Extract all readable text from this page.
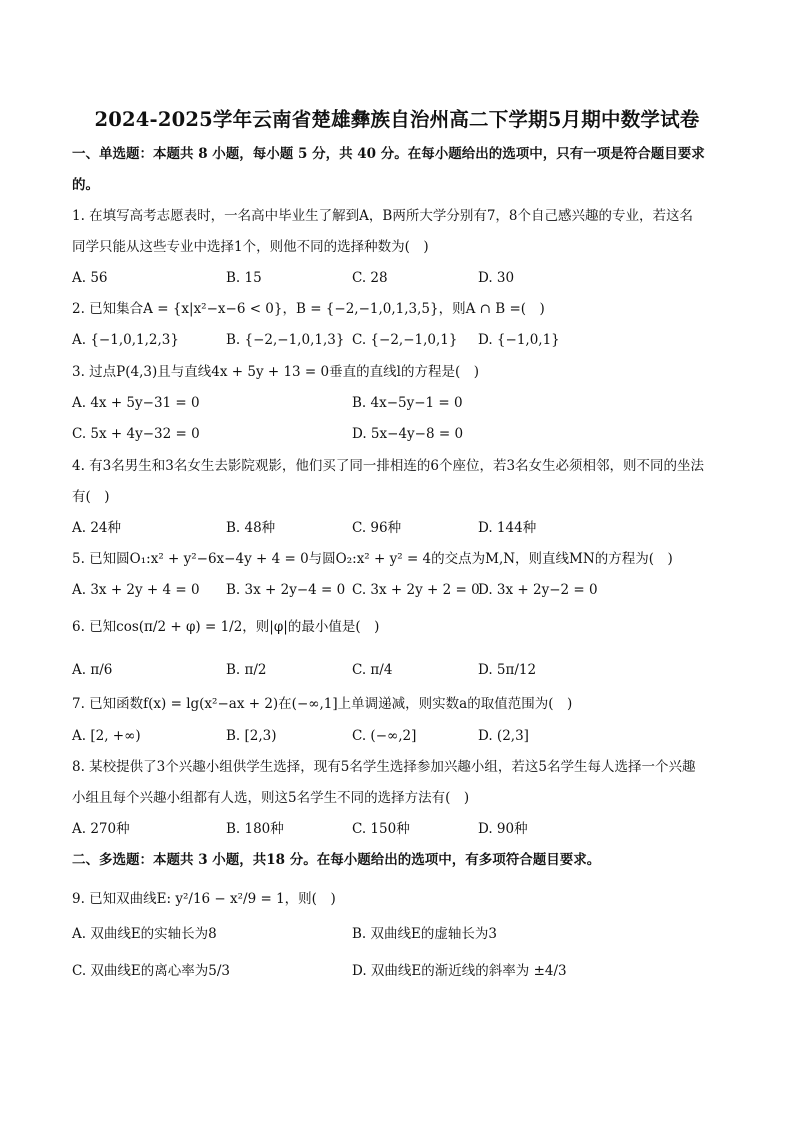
2024-2025学年云南省楚雄彝族自治州高二下学期5月期中数学试卷
一、单选题：本题共 8 小题，每小题 5 分，共 40 分。在每小题给出的选项中，只有一项是符合题目要求
的。
1. 在填写高考志愿表时，一名高中毕业生了解到A，B两所大学分别有7，8个自己感兴趣的专业，若这名
同学只能从这些专业中选择1个，则他不同的选择种数为(　)
A. 56	B. 15	C. 28	D. 30
2. 已知集合A = {x|x²−x−6 < 0}，B = {−2,−1,0,1,3,5}，则A ∩ B =(　)
A. {−1,0,1,2,3}	B. {−2,−1,0,1,3} C. {−2,−1,0,1} D. {−1,0,1}
3. 过点P(4,3)且与直线4x + 5y + 13 = 0垂直的直线l的方程是(　)
A. 4x + 5y−31 = 0	B. 4x−5y−1 = 0
C. 5x + 4y−32 = 0	D. 5x−4y−8 = 0
4. 有3名男生和3名女生去影院观影，他们买了同一排相连的6个座位，若3名女生必须相邻，则不同的坐法
有(　)
A. 24种	B. 48种	C. 96种	D. 144种
5. 已知圆O₁:x² + y²−6x−4y + 4 = 0与圆O₂:x² + y² = 4的交点为M,N，则直线MN的方程为(　)
A. 3x + 2y + 4 = 0 B. 3x + 2y−4 = 0 C. 3x + 2y + 2 = 0
D. 3x + 2y−2 = 0
6. 已知cos(π/2 + φ) = 1/2，则|φ|的最小值是(　)
A. π/6	B. π/2	C. π/4	D. 5π/12
7. 已知函数f(x) = lg(x²−ax + 2)在(−∞,1]上单调递减，则实数a的取值范围为(　)
A. [2, +∞)	B. [2,3)	C. (−∞,2]	D. (2,3]
8. 某校提供了3个兴趣小组供学生选择，现有5名学生选择参加兴趣小组，若这5名学生每人选择一个兴趣
小组且每个兴趣小组都有人选，则这5名学生不同的选择方法有(　)
A. 270种	B. 180种	C. 150种	D. 90种
二、多选题：本题共 3 小题，共18 分。在每小题给出的选项中，有多项符合题目要求。
9. 已知双曲线E: y²/16 − x²/9 = 1，则(　)
A. 双曲线E的实轴长为8	B. 双曲线E的虚轴长为3
C. 双曲线E的离心率为5/3	D. 双曲线E的渐近线的斜率为 ±4/3
